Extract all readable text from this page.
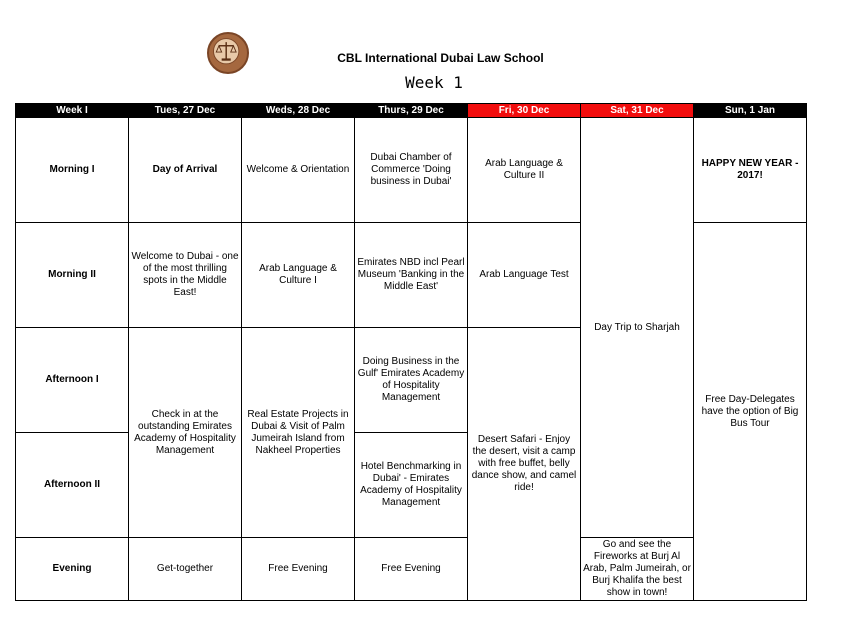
CBL International Dubai Law School
Week 1
Week I	Tues, 27 Dec	Weds, 28 Dec	Thurs, 29 Dec	Fri, 30 Dec	Sat, 31 Dec	Sun, 1 Jan
Morning I	Day of Arrival	Welcome & Orientation	Dubai Chamber of Commerce 'Doing business in Dubai'	Arab Language & Culture II	Day Trip to Sharjah	HAPPY NEW YEAR - 2017!
Morning II	Welcome to Dubai - one of the most thrilling spots in the Middle East!	Arab Language & Culture I	Emirates NBD incl Pearl Museum 'Banking in the Middle East'	Arab Language Test		Free Day-Delegates have the option of Big Bus Tour
Afternoon I	Check in at the outstanding Emirates Academy of Hospitality Management	Real Estate Projects in Dubai & Visit of Palm Jumeirah Island from Nakheel Properties	Doing Business in the Gulf' Emirates Academy of Hospitality Management	Desert Safari - Enjoy the desert, visit a camp with free buffet, belly dance show, and camel ride!		
Afternoon II			Hotel Benchmarking in Dubai' - Emirates Academy of Hospitality Management			
Evening	Get-together	Free Evening	Free Evening		Go and see the Fireworks at Burj Al Arab, Palm Jumeirah, or Burj Khalifa the best show in town!	
